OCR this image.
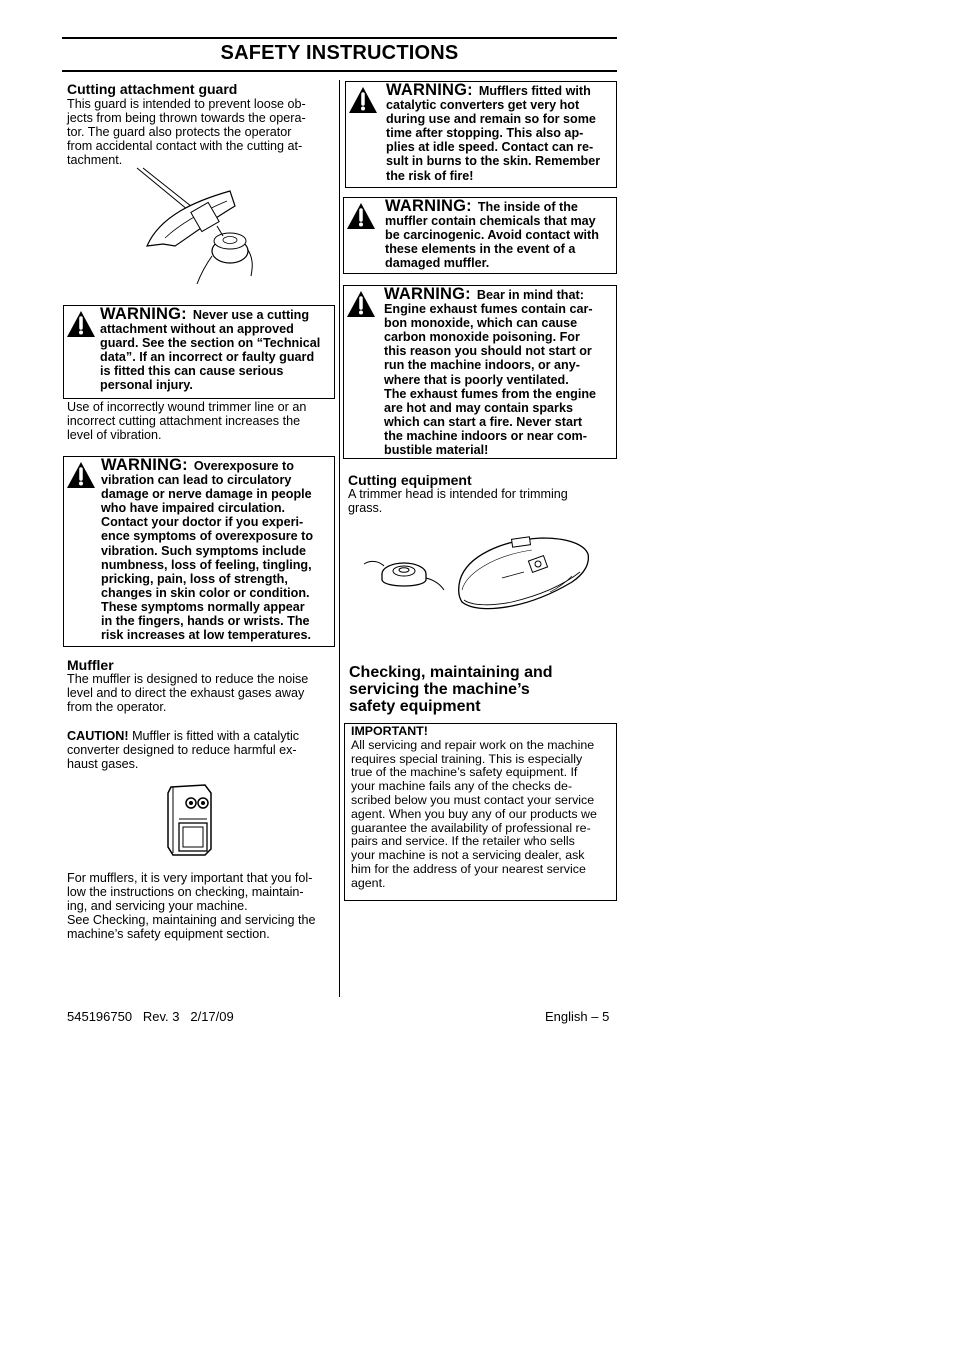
SAFETY INSTRUCTIONS
Cutting attachment guard
This guard is intended to prevent loose ob-
jects from being thrown towards the opera-
tor. The guard also protects the operator
from accidental contact with the cutting at-
tachment.
WARNING: Never use a cutting
attachment without an approved
guard. See the section on “Technical
data”. If an incorrect or faulty guard
is fitted this can cause serious
personal injury.
Use of incorrectly wound trimmer line or an
incorrect cutting attachment increases the
level of vibration.
WARNING: Overexposure to
vibration can lead to circulatory
damage or nerve damage in people
who have impaired circulation.
Contact your doctor if you experi-
ence symptoms of overexposure to
vibration. Such symptoms include
numbness, loss of feeling, tingling,
pricking, pain, loss of strength,
changes in skin color or condition.
These symptoms normally appear
in the fingers, hands or wrists. The
risk increases at low temperatures.
Muffler
The muffler is designed to reduce the noise
level and to direct the exhaust gases away
from the operator.
CAUTION! Muffler is fitted with a catalytic
converter designed to reduce harmful ex-
haust gases.
For mufflers, it is very important that you fol-
low the instructions on checking, maintain-
ing, and servicing your machine.
See Checking, maintaining and servicing the
machine’s safety equipment section.
WARNING: Mufflers fitted with
catalytic converters get very hot
during use and remain so for some
time after stopping. This also ap-
plies at idle speed. Contact can re-
sult in burns to the skin. Remember
the risk of fire!
WARNING: The inside of the
muffler contain chemicals that may
be carcinogenic. Avoid contact with
these elements in the event of a
damaged muffler.
WARNING: Bear in mind that:
Engine exhaust fumes contain car-
bon monoxide, which can cause
carbon monoxide poisoning. For
this reason you should not start or
run the machine indoors, or any-
where that is poorly ventilated.
The exhaust fumes from the engine
are hot and may contain sparks
which can start a fire. Never start
the machine indoors or near com-
bustible material!
Cutting equipment
A trimmer head is intended for trimming
grass.
Checking, maintaining and
servicing the machine’s
safety equipment
IMPORTANT!
All servicing and repair work on the machine
requires special training. This is especially
true of the machine’s safety equipment. If
your machine fails any of the checks de-
scribed below you must contact your service
agent. When you buy any of our products we
guarantee the availability of professional re-
pairs and service. If the retailer who sells
your machine is not a servicing dealer, ask
him for the address of your nearest service
agent.
545196750   Rev. 3   2/17/09	English – 5
